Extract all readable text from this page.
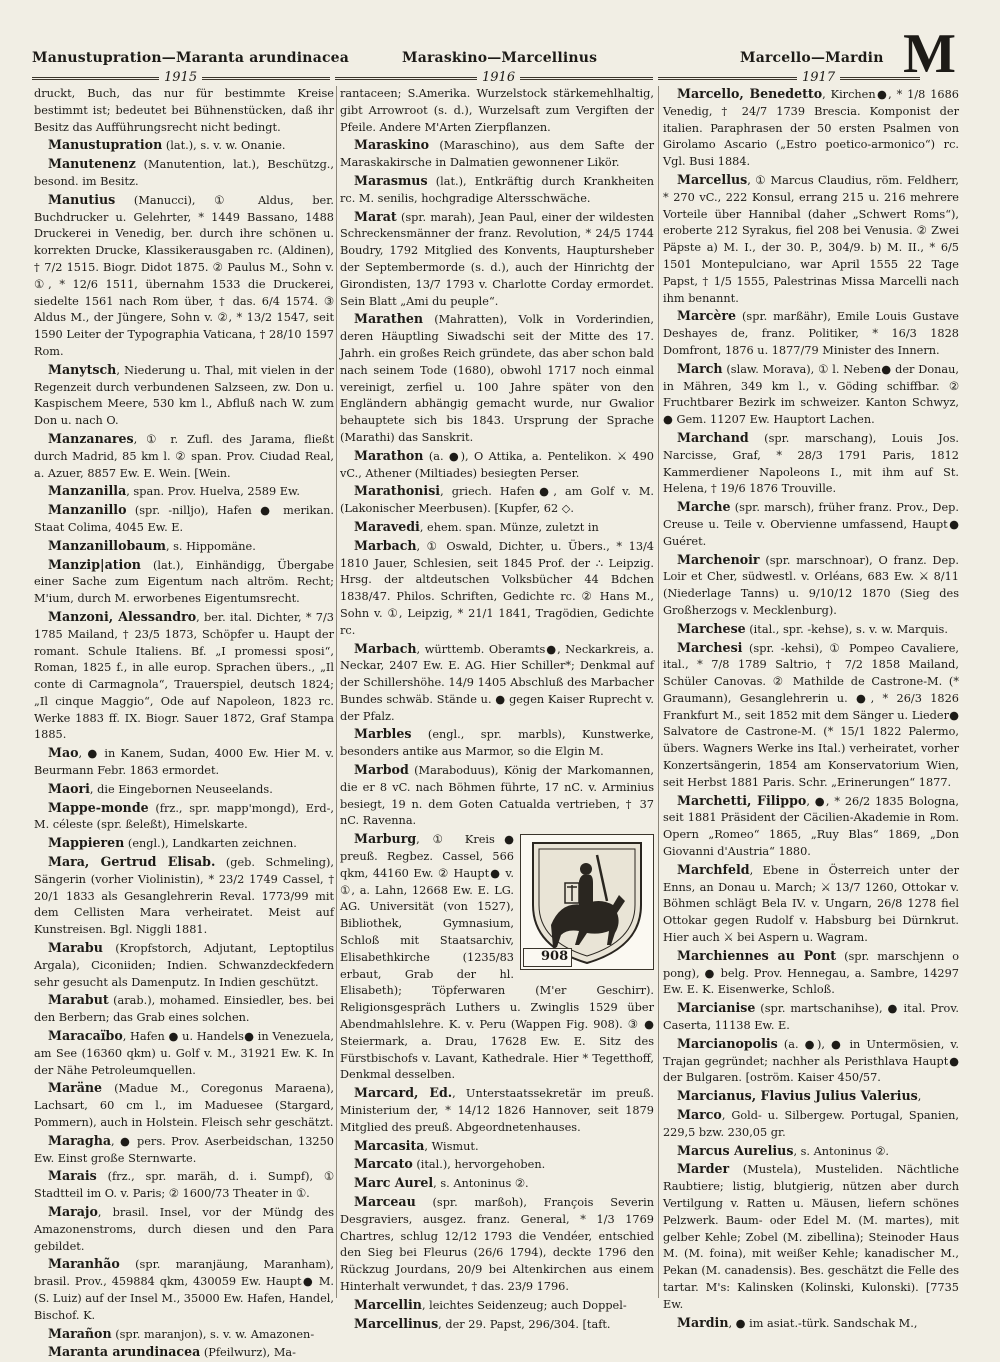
Manustupration—Maranta arundinacea	Maraskino—Marcellinus	Marcello—Mardin M
1915	1916	1917
druckt, Buch, das nur für bestimmte Kreise bestimmt ist; bedeutet bei Bühnenstücken, daß ihr Besitz das Aufführungsrecht nicht bedingt.
Manustupration (lat.), s. v. w. Onanie.
Manutenenz (Manutention, lat.), Beschützg., besond. im Besitz.
Manutius (Manucci), ① Aldus, ber. Buchdrucker u. Gelehrter, * 1449 Bassano, 1488 Druckerei in Venedig, ber. durch ihre schönen u. korrekten Drucke, Klassikerausgaben rc. (Aldinen), † 7/2 1515. Biogr. Didot 1875. ② Paulus M., Sohn v. ①, * 12/6 1511, übernahm 1533 die Druckerei, siedelte 1561 nach Rom über, † das. 6/4 1574. ③ Aldus M., der Jüngere, Sohn v. ②, * 13/2 1547, seit 1590 Leiter der Typographia Vaticana, † 28/10 1597 Rom.
Manytsch, Niederung u. Thal, mit vielen in der Regenzeit durch verbundenen Salzseen, zw. Don u. Kaspischem Meere, 530 km l., Abfluß nach W. zum Don u. nach O.
Manzanares, ① r. Zufl. des Jarama, fließt durch Madrid, 85 km l. ② span. Prov. Ciudad Real, a. Azuer, 8857 Ew. E. Wein. [Wein.
Manzanilla, span. Prov. Huelva, 2589 Ew.
Manzanillo (spr. -nilljo), Hafen ● merikan. Staat Colima, 4045 Ew. E.
Manzanillobaum, s. Hippomäne.
Manzip|ation (lat.), Einhändigg, Übergabe einer Sache zum Eigentum nach altröm. Recht; M'ium, durch M. erworbenes Eigentumsrecht.
Manzoni, Alessandro, ber. ital. Dichter, * 7/3 1785 Mailand, † 23/5 1873, Schöpfer u. Haupt der romant. Schule Italiens. Bf. „I promessi sposi“, Roman, 1825 f., in alle europ. Sprachen übers., „Il conte di Carmagnola“, Trauerspiel, deutsch 1824; „Il cinque Maggio“, Ode auf Napoleon, 1823 rc. Werke 1883 ff. IX. Biogr. Sauer 1872, Graf Stampa 1885.
Mao, ● in Kanem, Sudan, 4000 Ew. Hier M. v. Beurmann Febr. 1863 ermordet.
Maori, die Eingebornen Neuseelands.
Mappe-monde (frz., spr. mapp'mongd), Erd-, M. céleste (spr. ßeleßt), Himelskarte.
Mappieren (engl.), Landkarten zeichnen.
Mara, Gertrud Elisab. (geb. Schmeling), Sängerin (vorher Violinistin), * 23/2 1749 Cassel, † 20/1 1833 als Gesanglehrerin Reval. 1773/99 mit dem Cellisten Mara verheiratet. Meist auf Kunstreisen. Bgl. Niggli 1881.
Marabu (Kropfstorch, Adjutant, Leptoptilus Argala), Ciconiiden; Indien. Schwanzdeckfedern sehr gesucht als Damenputz. In Indien geschützt.
Marabut (arab.), mohamed. Einsiedler, bes. bei den Berbern; das Grab eines solchen.
Maracaïbo, Hafen ● u. Handels● in Venezuela, am See (16360 qkm) u. Golf v. M., 31921 Ew. K. In der Nähe Petroleumquellen.
Maräne (Madue M., Coregonus Maraena), Lachsart, 60 cm l., im Maduesee (Stargard, Pommern), auch in Holstein. Fleisch sehr geschätzt.
Maragha, ● pers. Prov. Aserbeidschan, 13250 Ew. Einst große Sternwarte.
Marais (frz., spr. maräh, d. i. Sumpf), ① Stadtteil im O. v. Paris; ② 1600/73 Theater in ①.
Marajo, brasil. Insel, vor der Mündg des Amazonenstroms, durch diesen und den Para gebildet.
Maranhão (spr. maranjäung, Maranham), brasil. Prov., 459884 qkm, 430059 Ew. Haupt● M. (S. Luiz) auf der Insel M., 35000 Ew. Hafen, Handel, Bischof. K.
Marañon (spr. maranjon), s. v. w. Amazonen-
Maranta arundinacea (Pfeilwurz), Ma-
rantaceen; S.Amerika. Wurzelstock stärkemehlhaltig, gibt Arrowroot (s. d.), Wurzelsaft zum Vergiften der Pfeile. Andere M'Arten Zierpflanzen.
Maraskino (Maraschino), aus dem Safte der Maraskakirsche in Dalmatien gewonnener Likör.
Marasmus (lat.), Entkräftig durch Krankheiten rc. M. senilis, hochgradige Altersschwäche.
Marat (spr. marah), Jean Paul, einer der wildesten Schreckensmänner der franz. Revolution, * 24/5 1744 Boudry, 1792 Mitglied des Konvents, Hauptursheber der Septembermorde (s. d.), auch der Hinrichtg der Girondisten, 13/7 1793 v. Charlotte Corday ermordet. Sein Blatt „Ami du peuple“.
Marathen (Mahratten), Volk in Vorderindien, deren Häuptling Siwadschi seit der Mitte des 17. Jahrh. ein großes Reich gründete, das aber schon bald nach seinem Tode (1680), obwohl 1717 noch einmal vereinigt, zerfiel u. 100 Jahre später von den Engländern abhängig gemacht wurde, nur Gwalior behauptete sich bis 1843. Ursprung der Sprache (Marathi) das Sanskrit.
Marathon (a. ●), O Attika, a. Pentelikon. ⚔ 490 vC., Athener (Miltiades) besiegten Perser.
Marathonisi, griech. Hafen●, am Golf v. M. (Lakonischer Meerbusen). [Kupfer, 62 ◇.
Maravedi, ehem. span. Münze, zuletzt in
Marbach, ① Oswald, Dichter, u. Übers., * 13/4 1810 Jauer, Schlesien, seit 1845 Prof. der ∴ Leipzig. Hrsg. der altdeutschen Volksbücher 44 Bdchen 1838/47. Philos. Schriften, Gedichte rc. ② Hans M., Sohn v. ①, Leipzig, * 21/1 1841, Tragödien, Gedichte rc.
Marbach, württemb. Oberamts●, Neckarkreis, a. Neckar, 2407 Ew. E. AG. Hier Schiller*; Denkmal auf der Schillershöhe. 14/9 1405 Abschluß des Marbacher Bundes schwäb. Stände u. ● gegen Kaiser Ruprecht v. der Pfalz.
Marbles (engl., spr. marbls), Kunstwerke, besonders antike aus Marmor, so die Elgin M.
Marbod (Maraboduus), König der Markomannen, die er 8 vC. nach Böhmen führte, 17 nC. v. Arminius besiegt, 19 n. dem Goten Catualda vertrieben, † 37 nC. Ravenna.
908
Marburg, ① Kreis● preuß. Regbez. Cassel, 566 qkm, 44160 Ew. ② Haupt● v. ①, a. Lahn, 12668 Ew. E. LG. AG. Universität (von 1527), Bibliothek, Gymnasium, Schloß mit Staatsarchiv, Elisabethkirche (1235/83 erbaut, Grab der hl. Elisabeth); Töpferwaren (M'er Geschirr). Religionsgespräch Luthers u. Zwinglis 1529 über Abendmahlslehre. K. v. Peru (Wappen Fig. 908). ③ ● Steiermark, a. Drau, 17628 Ew. E. Sitz des Fürstbischofs v. Lavant, Kathedrale. Hier * Tegetthoff, Denkmal desselben.
Marcard, Ed., Unterstaatssekretär im preuß. Ministerium der, * 14/12 1826 Hannover, seit 1879 Mitglied des preuß. Abgeordnetenhauses.
Marcasita, Wismut.
Marcato (ital.), hervorgehoben.
Marc Aurel, s. Antoninus ②.
Marceau (spr. marßoh), François Severin Desgraviers, ausgez. franz. General, * 1/3 1769 Chartres, schlug 12/12 1793 die Vendéer, entschied den Sieg bei Fleurus (26/6 1794), deckte 1796 den Rückzug Jourdans, 20/9 bei Altenkirchen aus einem Hinterhalt verwundet, † das. 23/9 1796.
Marcellin, leichtes Seidenzeug; auch Doppel-
Marcellinus, der 29. Papst, 296/304. [taft.
Marcello, Benedetto, Kirchen●, * 1/8 1686 Venedig, † 24/7 1739 Brescia. Komponist der italien. Paraphrasen der 50 ersten Psalmen von Girolamo Ascario („Estro poetico-armonico“) rc. Vgl. Busi 1884.
Marcellus, ① Marcus Claudius, röm. Feldherr, * 270 vC., 222 Konsul, errang 215 u. 216 mehrere Vorteile über Hannibal (daher „Schwert Roms“), eroberte 212 Syrakus, fiel 208 bei Venusia. ② Zwei Päpste a) M. I., der 30. P., 304/9. b) M. II., * 6/5 1501 Montepulciano, war April 1555 22 Tage Papst, † 1/5 1555, Palestrinas Missa Marcelli nach ihm benannt.
Marcère (spr. marßähr), Emile Louis Gustave Deshayes de, franz. Politiker, * 16/3 1828 Domfront, 1876 u. 1877/79 Minister des Innern.
March (slaw. Morava), ① l. Neben● der Donau, in Mähren, 349 km l., v. Göding schiffbar. ② Fruchtbarer Bezirk im schweizer. Kanton Schwyz, ● Gem. 11207 Ew. Hauptort Lachen.
Marchand (spr. marschang), Louis Jos. Narcisse, Graf, * 28/3 1791 Paris, 1812 Kammerdiener Napoleons I., mit ihm auf St. Helena, † 19/6 1876 Trouville.
Marche (spr. marsch), früher franz. Prov., Dep. Creuse u. Teile v. Obervienne umfassend, Haupt● Guéret.
Marchenoir (spr. marschnoar), O franz. Dep. Loir et Cher, südwestl. v. Orléans, 683 Ew. ⚔ 8/11 (Niederlage Tanns) u. 9/10/12 1870 (Sieg des Großherzogs v. Mecklenburg).
Marchese (ital., spr. -kehse), s. v. w. Marquis.
Marchesi (spr. -kehsi), ① Pompeo Cavaliere, ital., * 7/8 1789 Saltrio, † 7/2 1858 Mailand, Schüler Canovas. ② Mathilde de Castrone-M. (* Graumann), Gesanglehrerin u. ●, * 26/3 1826 Frankfurt M., seit 1852 mit dem Sänger u. Lieder● Salvatore de Castrone-M. (* 15/1 1822 Palermo, übers. Wagners Werke ins Ital.) verheiratet, vorher Konzertsängerin, 1854 am Konservatorium Wien, seit Herbst 1881 Paris. Schr. „Erinerungen“ 1877.
Marchetti, Filippo, ●, * 26/2 1835 Bologna, seit 1881 Präsident der Cäcilien-Akademie in Rom. Opern „Romeo“ 1865, „Ruy Blas“ 1869, „Don Giovanni d'Austria“ 1880.
Marchfeld, Ebene in Österreich unter der Enns, an Donau u. March; ⚔ 13/7 1260, Ottokar v. Böhmen schlägt Bela IV. v. Ungarn, 26/8 1278 fiel Ottokar gegen Rudolf v. Habsburg bei Dürnkrut. Hier auch ⚔ bei Aspern u. Wagram.
Marchiennes au Pont (spr. marschjenn o pong), ● belg. Prov. Hennegau, a. Sambre, 14297 Ew. E. K. Eisenwerke, Schloß.
Marcianise (spr. martschanihse), ● ital. Prov. Caserta, 11138 Ew. E.
Marcianopolis (a. ●), ● in Untermösien, v. Trajan gegründet; nachher als Peristhlava Haupt● der Bulgaren. [oström. Kaiser 450/57.
Marcianus, Flavius Julius Valerius,
Marco, Gold- u. Silbergew. Portugal, Spanien, 229,5 bzw. 230,05 gr.
Marcus Aurelius, s. Antoninus ②.
Marder (Mustela), Musteliden. Nächtliche Raubtiere; listig, blutgierig, nützen aber durch Vertilgung v. Ratten u. Mäusen, liefern schönes Pelzwerk. Baum- oder Edel M. (M. martes), mit gelber Kehle; Zobel (M. zibellina); Steinoder Haus M. (M. foina), mit weißer Kehle; kanadischer M., Pekan (M. canadensis). Bes. geschätzt die Felle des tartar. M's: Kalinsken (Kolinski, Kulonski). [7735 Ew.
Mardin, ● im asiat.-türk. Sandschak M.,
